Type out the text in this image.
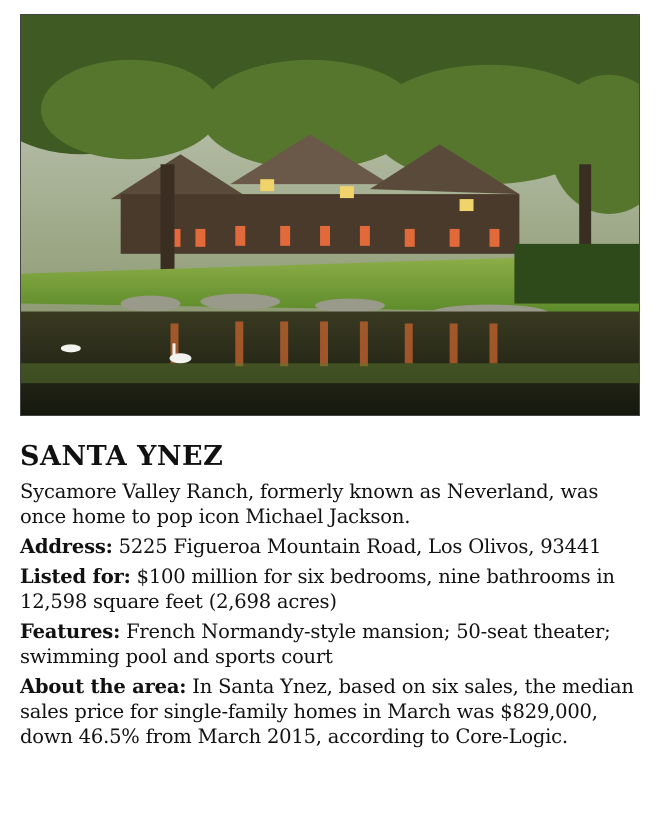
SANTA YNEZ

Sycamore Valley Ranch, formerly known as Neverland, was once home to pop icon Michael Jackson.

Address: 5225 Figueroa Mountain Road, Los Olivos, 93441

Listed for: $100 million for six bedrooms, nine bathrooms in 12,598 square feet (2,698 acres)

Features: French Normandy-style mansion; 50-seat theater; swimming pool and sports court

About the area: In Santa Ynez, based on six sales, the median sales price for single-family homes in March was $829,000, down 46.5% from March 2015, according to Core-Logic.
